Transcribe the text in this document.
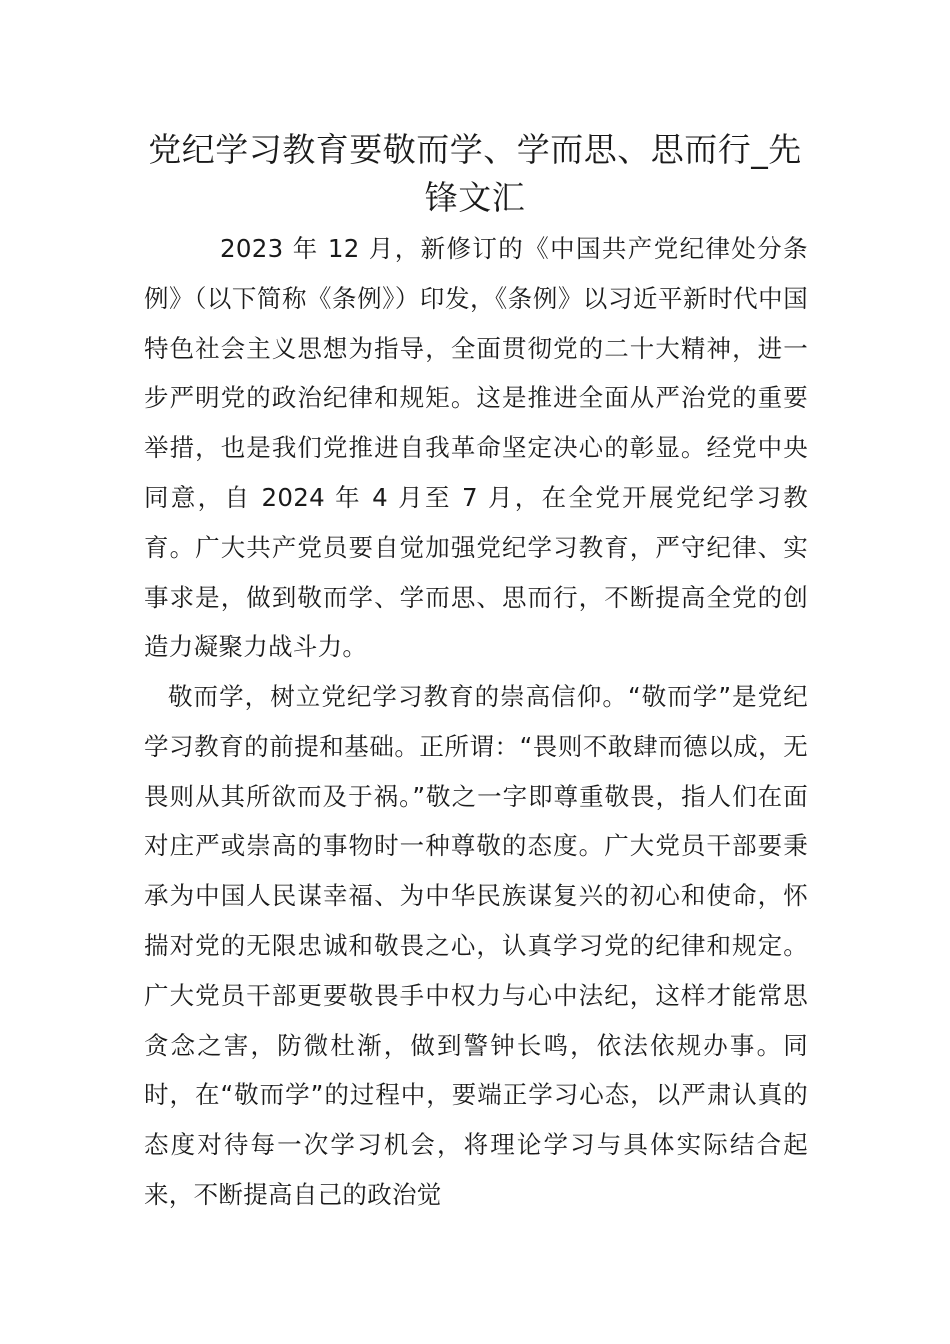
党纪学习教育要敬而学、学而思、思而行_先锋文汇

2023 年 12 月，新修订的《中国共产党纪律处分条例》（以下简称《条例》）印发，《条例》以习近平新时代中国特色社会主义思想为指导，全面贯彻党的二十大精神，进一步严明党的政治纪律和规矩。这是推进全面从严治党的重要举措，也是我们党推进自我革命坚定决心的彰显。经党中央同意，自 2024 年 4 月至 7 月，在全党开展党纪学习教育。广大共产党员要自觉加强党纪学习教育，严守纪律、实事求是，做到敬而学、学而思、思而行，不断提高全党的创造力凝聚力战斗力。

敬而学，树立党纪学习教育的崇高信仰。“敬而学”是党纪学习教育的前提和基础。正所谓：“畏则不敢肆而德以成，无畏则从其所欲而及于祸。”敬之一字即尊重敬畏，指人们在面对庄严或崇高的事物时一种尊敬的态度。广大党员干部要秉承为中国人民谋幸福、为中华民族谋复兴的初心和使命，怀揣对党的无限忠诚和敬畏之心，认真学习党的纪律和规定。广大党员干部更要敬畏手中权力与心中法纪，这样才能常思贪念之害，防微杜渐，做到警钟长鸣，依法依规办事。同时，在“敬而学”的过程中，要端正学习心态，以严肃认真的态度对待每一次学习机会，将理论学习与具体实际结合起来，不断提高自己的政治觉
